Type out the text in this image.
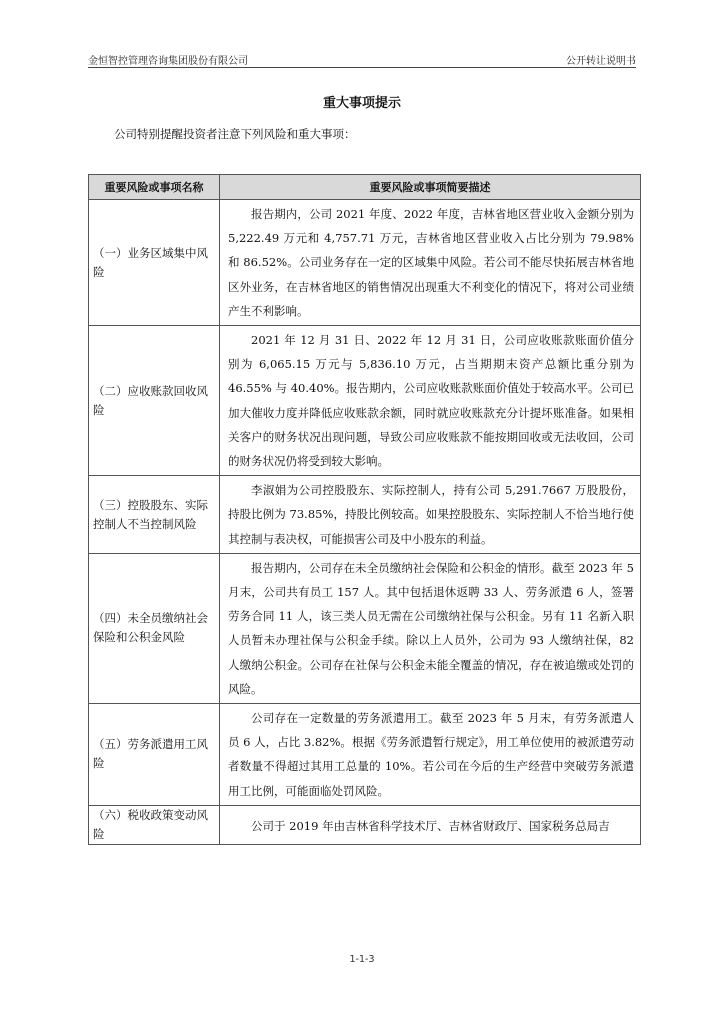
金恒智控管理咨询集团股份有限公司	公开转让说明书
重大事项提示
公司特别提醒投资者注意下列风险和重大事项：
重要风险或事项名称	重要风险或事项简要描述
（一）业务区域集中风险	报告期内，公司 2021 年度、2022 年度，吉林省地区营业收入金额分别为 5,222.49 万元和 4,757.71 万元，吉林省地区营业收入占比分别为 79.98% 和 86.52%。公司业务存在一定的区域集中风险。若公司不能尽快拓展吉林省地区外业务，在吉林省地区的销售情况出现重大不利变化的情况下，将对公司业绩产生不利影响。
（二）应收账款回收风险	2021 年 12 月 31 日、2022 年 12 月 31 日，公司应收账款账面价值分别为 6,065.15 万元与 5,836.10 万元，占当期期末资产总额比重分别为 46.55% 与 40.40%。报告期内，公司应收账款账面价值处于较高水平。公司已加大催收力度并降低应收账款余额，同时就应收账款充分计提坏账准备。如果相关客户的财务状况出现问题，导致公司应收账款不能按期回收或无法收回，公司的财务状况仍将受到较大影响。
（三）控股股东、实际控制人不当控制风险	李淑娟为公司控股股东、实际控制人，持有公司 5,291.7667 万股股份，持股比例为 73.85%，持股比例较高。如果控股股东、实际控制人不恰当地行使其控制与表决权，可能损害公司及中小股东的利益。
（四）未全员缴纳社会保险和公积金风险	报告期内，公司存在未全员缴纳社会保险和公积金的情形。截至 2023 年 5 月末，公司共有员工 157 人。其中包括退休返聘 33 人、劳务派遣 6 人，签署劳务合同 11 人，该三类人员无需在公司缴纳社保与公积金。另有 11 名新入职人员暂未办理社保与公积金手续。除以上人员外，公司为 93 人缴纳社保，82 人缴纳公积金。公司存在社保与公积金未能全覆盖的情况，存在被追缴或处罚的风险。
（五）劳务派遣用工风险	公司存在一定数量的劳务派遣用工。截至 2023 年 5 月末，有劳务派遣人员 6 人，占比 3.82%。根据《劳务派遣暂行规定》，用工单位使用的被派遣劳动者数量不得超过其用工总量的 10%。若公司在今后的生产经营中突破劳务派遣用工比例，可能面临处罚风险。
（六）税收政策变动风险	公司于 2019 年由吉林省科学技术厅、吉林省财政厅、国家税务总局吉
1-1-3
